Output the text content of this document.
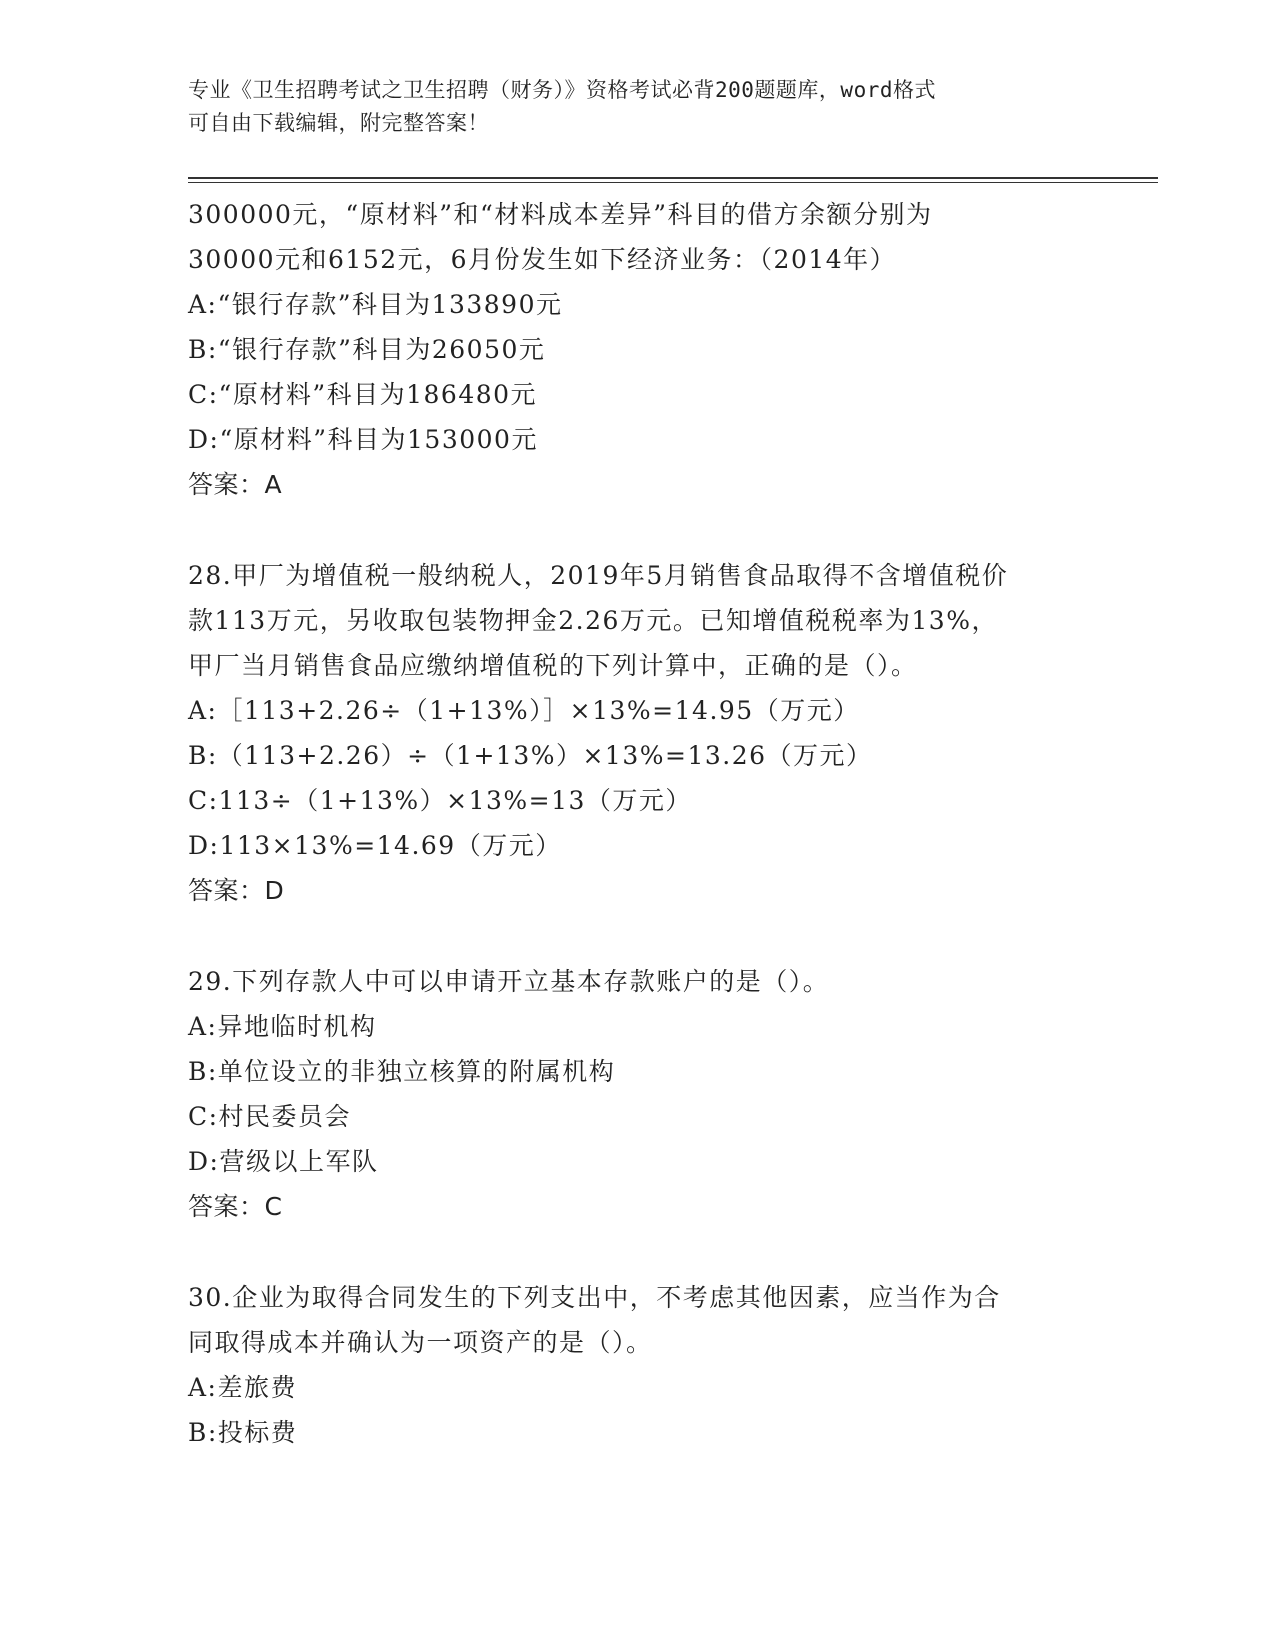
专业《卫生招聘考试之卫生招聘（财务）》资格考试必背200题题库，word格式
可自由下载编辑，附完整答案！
300000元，“原材料”和“材料成本差异”科目的借方余额分别为
30000元和6152元，6月份发生如下经济业务：（2014年）
A:“银行存款”科目为133890元
B:“银行存款”科目为26050元
C:“原材料”科目为186480元
D:“原材料”科目为153000元
答案：A
28.甲厂为增值税一般纳税人，2019年5月销售食品取得不含增值税价
款113万元，另收取包装物押金2.26万元。已知增值税税率为13%，
甲厂当月销售食品应缴纳增值税的下列计算中，正确的是（）。
A:［113+2.26÷（1+13%）］×13%=14.95（万元）
B:（113+2.26）÷（1+13%）×13%=13.26（万元）
C:113÷（1+13%）×13%=13（万元）
D:113×13%=14.69（万元）
答案：D
29.下列存款人中可以申请开立基本存款账户的是（）。
A:异地临时机构
B:单位设立的非独立核算的附属机构
C:村民委员会
D:营级以上军队
答案：C
30.企业为取得合同发生的下列支出中，不考虑其他因素，应当作为合
同取得成本并确认为一项资产的是（）。
A:差旅费
B:投标费
